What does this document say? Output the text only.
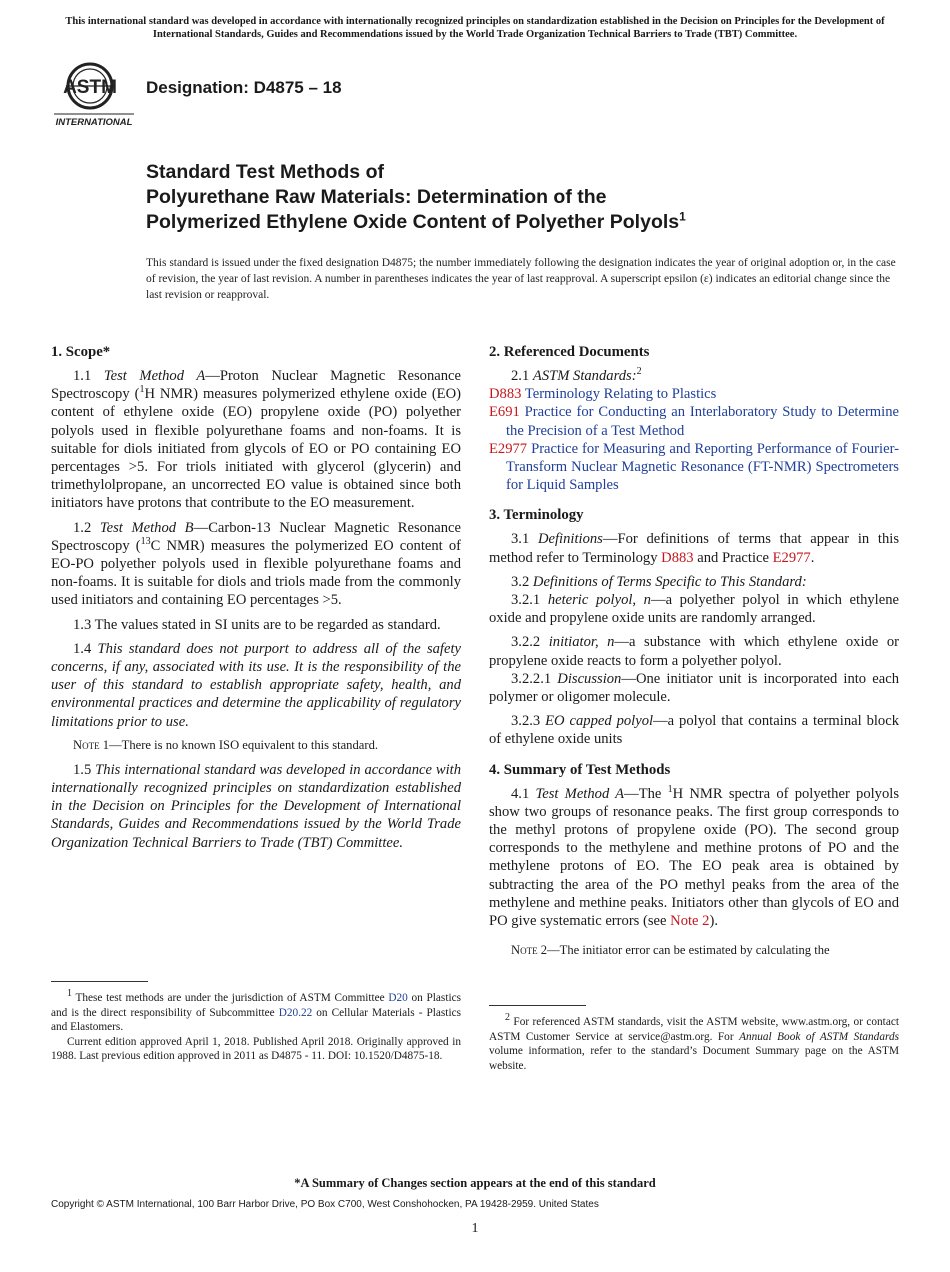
This international standard was developed in accordance with internationally recognized principles on standardization established in the Decision on Principles for the Development of International Standards, Guides and Recommendations issued by the World Trade Organization Technical Barriers to Trade (TBT) Committee.
ASTM
INTERNATIONAL
Designation: D4875 – 18
Standard Test Methods of
Polyurethane Raw Materials: Determination of the
Polymerized Ethylene Oxide Content of Polyether Polyols$^1$
This standard is issued under the fixed designation D4875; the number immediately following the designation indicates the year of original adoption or, in the case of revision, the year of last revision. A number in parentheses indicates the year of last reapproval. A superscript epsilon (ε) indicates an editorial change since the last revision or reapproval.
1. Scope*

1.1 Test Method A—Proton Nuclear Magnetic Resonance Spectroscopy ($^1$H NMR) measures polymerized ethylene oxide (EO) content of ethylene oxide (EO) propylene oxide (PO) polyether polyols used in flexible polyurethane foams and non-foams. It is suitable for diols initiated from glycols of EO or PO containing EO percentages >5. For triols initiated with glycerol (glycerin) and trimethylolpropane, an uncorrected EO value is obtained since both initiators have protons that contribute to the EO measurement.

1.2 Test Method B—Carbon-13 Nuclear Magnetic Resonance Spectroscopy ($^{13}$C NMR) measures the polymerized EO content of EO-PO polyether polyols used in flexible polyurethane foams and non-foams. It is suitable for diols and triols made from the commonly used initiators and containing EO percentages >5.

1.3 The values stated in SI units are to be regarded as standard.

1.4 This standard does not purport to address all of the safety concerns, if any, associated with its use. It is the responsibility of the user of this standard to establish appropriate safety, health, and environmental practices and determine the applicability of regulatory limitations prior to use.

Note 1—There is no known ISO equivalent to this standard.

1.5 This international standard was developed in accordance with internationally recognized principles on standardization established in the Decision on Principles for the Development of International Standards, Guides and Recommendations issued by the World Trade Organization Technical Barriers to Trade (TBT) Committee.

$^1$ These test methods are under the jurisdiction of ASTM Committee D20 on Plastics and is the direct responsibility of Subcommittee D20.22 on Cellular Materials - Plastics and Elastomers.

Current edition approved April 1, 2018. Published April 2018. Originally approved in 1988. Last previous edition approved in 2011 as D4875 - 11. DOI: 10.1520/D4875-18.

2. Referenced Documents

2.1 ASTM Standards:$^2$

D883 Terminology Relating to Plastics
E691 Practice for Conducting an Interlaboratory Study to Determine the Precision of a Test Method
E2977 Practice for Measuring and Reporting Performance of Fourier-Transform Nuclear Magnetic Resonance (FT-NMR) Spectrometers for Liquid Samples
3. Terminology

3.1 Definitions—For definitions of terms that appear in this method refer to Terminology D883 and Practice E2977.

3.2 Definitions of Terms Specific to This Standard:

3.2.1 heteric polyol, n—a polyether polyol in which ethylene oxide and propylene oxide units are randomly arranged.

3.2.2 initiator, n—a substance with which ethylene oxide or propylene oxide reacts to form a polyether polyol.

3.2.2.1 Discussion—One initiator unit is incorporated into each polymer or oligomer molecule.

3.2.3 EO capped polyol—a polyol that contains a terminal block of ethylene oxide units

4. Summary of Test Methods

4.1 Test Method A—The $^1$H NMR spectra of polyether polyols show two groups of resonance peaks. The first group corresponds to the methyl protons of propylene oxide (PO). The second group corresponds to the methylene and methine protons of PO and the methylene protons of EO. The EO peak area is obtained by subtracting the area of the PO methyl peaks from the area of the methylene and methine peaks. Initiators other than glycols of EO and PO give systematic errors (see Note 2).

Note 2—The initiator error can be estimated by calculating the

$^2$ For referenced ASTM standards, visit the ASTM website, www.astm.org, or contact ASTM Customer Service at service@astm.org. For Annual Book of ASTM Standards volume information, refer to the standard’s Document Summary page on the ASTM website.

*A Summary of Changes section appears at the end of this standard
Copyright © ASTM International, 100 Barr Harbor Drive, PO Box C700, West Conshohocken, PA 19428-2959. United States
1
